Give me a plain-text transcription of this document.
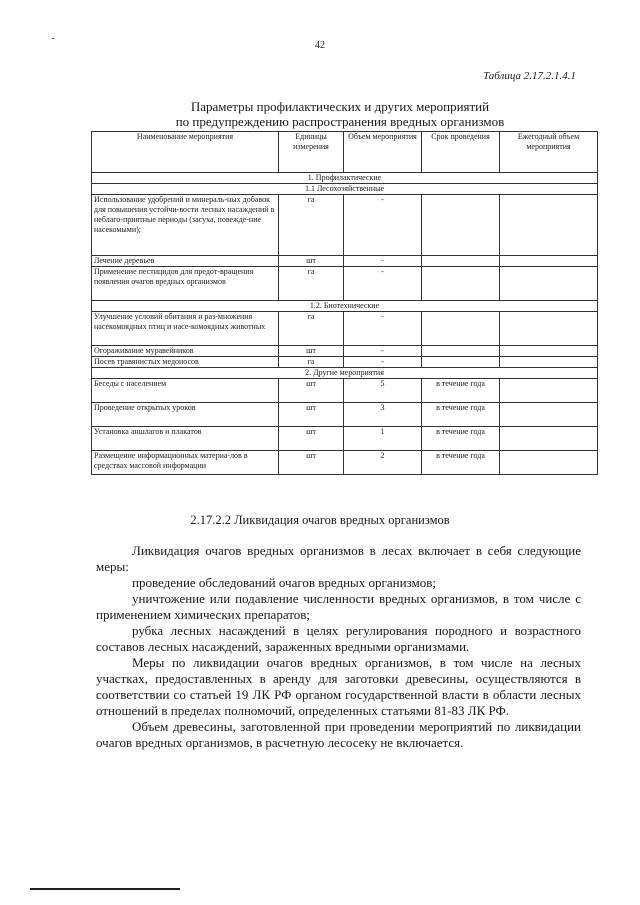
42
Таблица 2.17.2.1.4.1
Параметры профилактических и других мероприятий
по предупреждению распространения вредных организмов
Наименование мероприятия	Единицы измерения	Объем мероприятия	Срок проведения	Ежегодный объем мероприятия
1. Профилактические				
1.1 Лесохозяйственные				
Использование удобрений и минераль-ных добавок для повышения устойчи-вости лесных насаждений в неблаго-приятные периоды (засуха, повежде-ние насекомыми);	га	-		
Лечение деревьев	шт	-		
Применение пестицидов для предот-вращения появления очагов вредных организмов	га	-		
1.2. Биотехнические				
Улучшение условий обитания и раз-множения насекомоядных птиц и насе-комоядных животных	га	-		
Огораживание муравейников	шт	-		
Посев травянистых медоносов	га	-		
2. Другие мероприятия				
Беседы с населением	шт	5	в течение года	
Проведение открытых уроков	шт	3	в течение года	
Установка аншлагов и плакатов	шт	1	в течение года	
Размещение информационных материа-лов в средствах массовой информации	шт	2	в течение года	
2.17.2.2 Ликвидация очагов вредных организмов

Ликвидация очагов вредных организмов в лесах включает в себя следующие меры:

проведение обследований очагов вредных организмов;

уничтожение или подавление численности вредных организмов, в том числе с применением химических препаратов;

рубка лесных насаждений в целях регулирования породного и возрастного составов лесных насаждений, зараженных вредными организмами.

Меры по ликвидации очагов вредных организмов, в том числе на лесных участках, предоставленных в аренду для заготовки древесины, осуществляются в соответствии со статьей 19 ЛК РФ органом государственной власти в области лесных отношений в пределах полномочий, определенных статьями 81-83 ЛК РФ.

Объем древесины, заготовленной при проведении мероприятий по ликвидации очагов вредных организмов, в расчетную лесосеку не включается.
